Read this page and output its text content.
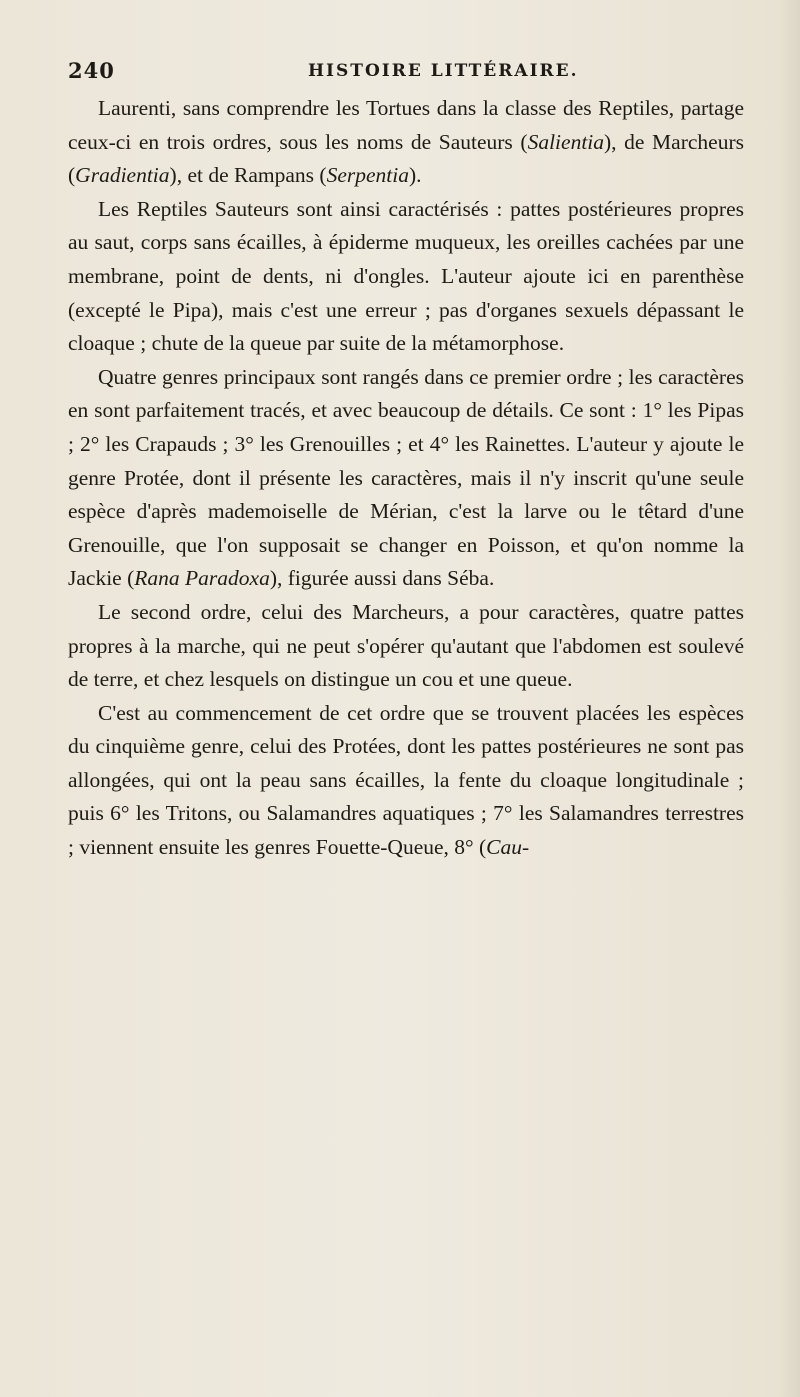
240	HISTOIRE LITTÉRAIRE.

Laurenti, sans comprendre les Tortues dans la classe des Reptiles, partage ceux-ci en trois ordres, sous les noms de Sauteurs (Salientia), de Marcheurs (Gradientia), et de Rampans (Serpentia).

Les Reptiles Sauteurs sont ainsi caractérisés : pattes postérieures propres au saut, corps sans écailles, à épiderme muqueux, les oreilles cachées par une membrane, point de dents, ni d'ongles. L'auteur ajoute ici en parenthèse (excepté le Pipa), mais c'est une erreur ; pas d'organes sexuels dépassant le cloaque ; chute de la queue par suite de la métamorphose.

Quatre genres principaux sont rangés dans ce premier ordre ; les caractères en sont parfaitement tracés, et avec beaucoup de détails. Ce sont : 1° les Pipas ; 2° les Crapauds ; 3° les Grenouilles ; et 4° les Rainettes. L'auteur y ajoute le genre Protée, dont il présente les caractères, mais il n'y inscrit qu'une seule espèce d'après mademoiselle de Mérian, c'est la larve ou le têtard d'une Grenouille, que l'on supposait se changer en Poisson, et qu'on nomme la Jackie (Rana Paradoxa), figurée aussi dans Séba.

Le second ordre, celui des Marcheurs, a pour caractères, quatre pattes propres à la marche, qui ne peut s'opérer qu'autant que l'abdomen est soulevé de terre, et chez lesquels on distingue un cou et une queue.

C'est au commencement de cet ordre que se trouvent placées les espèces du cinquième genre, celui des Protées, dont les pattes postérieures ne sont pas allongées, qui ont la peau sans écailles, la fente du cloaque longitudinale ; puis 6° les Tritons, ou Salamandres aquatiques ; 7° les Salamandres terrestres ; viennent ensuite les genres Fouette-Queue, 8° (Cau-
